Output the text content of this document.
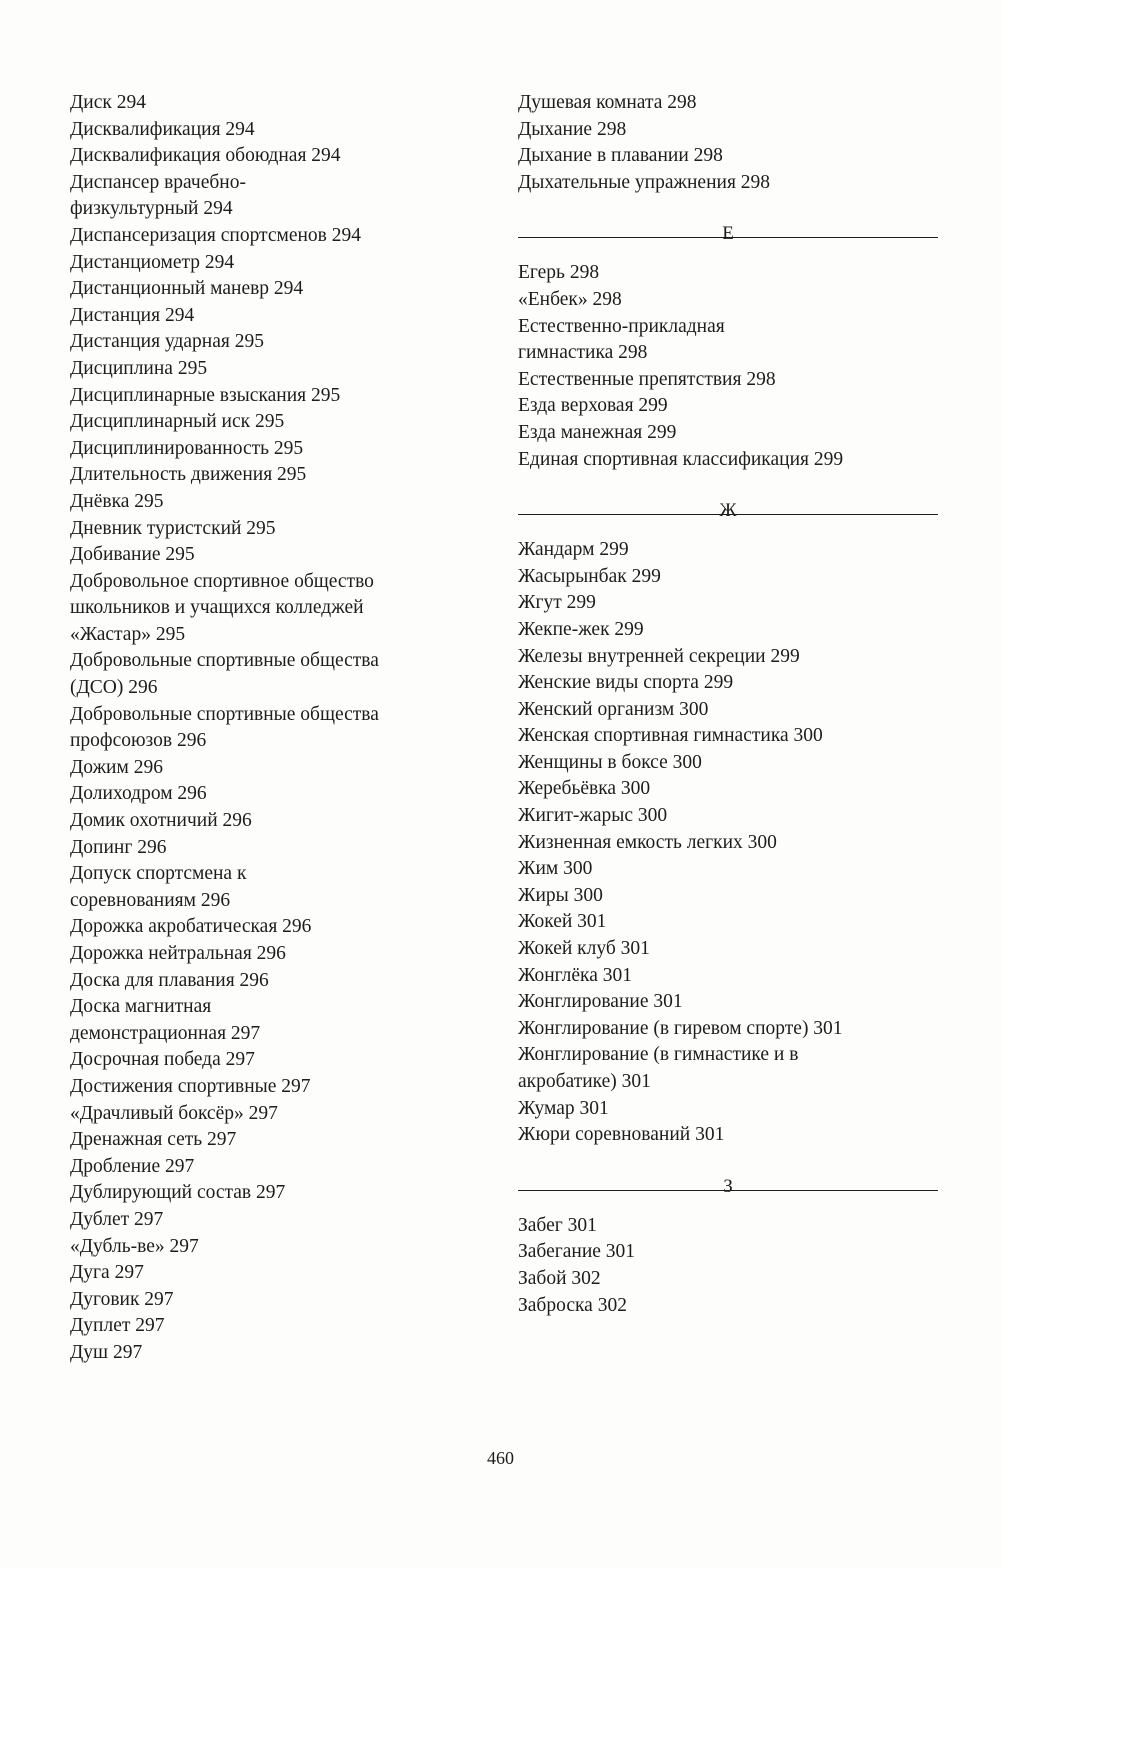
Диск 294
Дисквалификация 294
Дисквалификация обоюдная 294
Диспансер врачебно-
физкультурный 294
Диспансеризация спортсменов 294
Дистанциометр 294
Дистанционный маневр 294
Дистанция 294
Дистанция ударная 295
Дисциплина 295
Дисциплинарные взыскания 295
Дисциплинарный иск 295
Дисциплинированность 295
Длительность движения 295
Днёвка 295
Дневник туристский 295
Добивание 295
Добровольное спортивное общество
школьников и учащихся колледжей
«Жастар» 295
Добровольные спортивные общества
(ДСО) 296
Добровольные спортивные общества
профсоюзов 296
Дожим 296
Долиходром 296
Домик охотничий 296
Допинг 296
Допуск спортсмена к
соревнованиям 296
Дорожка акробатическая 296
Дорожка нейтральная 296
Доска для плавания 296
Доска магнитная
демонстрационная 297
Досрочная победа 297
Достижения спортивные 297
«Драчливый боксёр» 297
Дренажная сеть 297
Дробление 297
Дублирующий состав 297
Дублет 297
«Дубль-ве» 297
Дуга 297
Дуговик 297
Дуплет 297
Душ 297
Душевая комната 298
Дыхание 298
Дыхание в плавании 298
Дыхательные упражнения 298
Е
Егерь 298
«Енбек» 298
Естественно-прикладная
гимнастика 298
Естественные препятствия 298
Езда верховая 299
Езда манежная 299
Единая спортивная классификация 299
Ж
Жандарм 299
Жасырынбак 299
Жгут 299
Жекпе-жек 299
Железы внутренней секреции 299
Женские виды спорта 299
Женский организм 300
Женская спортивная гимнастика 300
Женщины в боксе 300
Жеребьёвка 300
Жигит-жарыс 300
Жизненная емкость легких 300
Жим 300
Жиры 300
Жокей 301
Жокей клуб 301
Жонглёка 301
Жонглирование 301
Жонглирование (в гиревом спорте) 301
Жонглирование (в гимнастике и в
акробатике) 301
Жумар 301
Жюри соревнований 301
З
Забег 301
Забегание 301
Забой 302
Заброска 302
460
